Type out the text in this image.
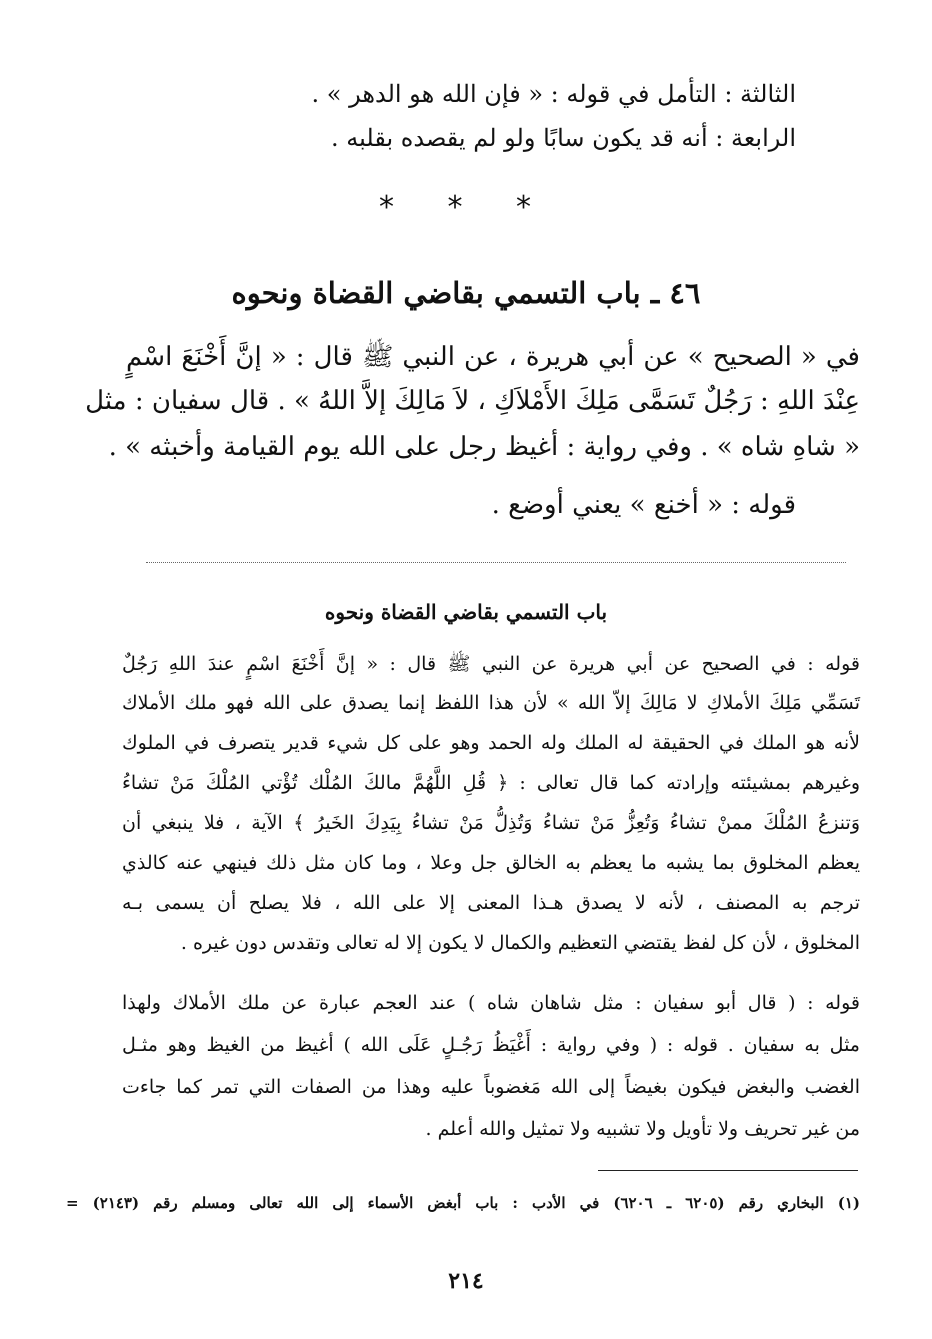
الثالثة : التأمل في قوله : « فإن الله هو الدهر » .
الرابعة : أنه قد يكون سابًا ولو لم يقصده بقلبه .
* * *
٤٦ ـ باب التسمي بقاضي القضاة ونحوه
في « الصحيح » عن أبي هريرة ، عن النبي ﷺ قال : « إنَّ أَخْنَعَ اسْمٍ
عِنْدَ اللهِ : رَجُلٌ تَسَمَّى مَلِكَ الأَمْلاَكِ ، لاَ مَالِكَ إلاَّ اللهُ » . قال سفيان : مثل
« شاهِ شاه » . وفي رواية : أغيظ رجل على الله يوم القيامة وأخبثه » .
قوله : « أخنع » يعني أوضع .
باب التسمي بقاضي القضاة ونحوه
قوله : في الصحيح عن أبي هريرة عن النبي ﷺ قال : « إنَّ أَخْنَعَ اسْمٍ عندَ اللهِ رَجُلٌ
تَسَمِّي مَلِكَ الأملاكِ لا مَالِكَ إلاّ الله » لأن هذا اللفظ إنما يصدق على الله فهو ملك الأملاك
لأنه هو الملك في الحقيقة له الملك وله الحمد وهو على كل شيء قدير يتصرف في الملوك
وغيرهم بمشيئته وإرادته كما قال تعالى : ﴿ قُلِ اللَّهُمَّ مالكَ المُلْك تُؤْتي المُلْكَ مَنْ تشاءُ
وَتنزعُ المُلْكَ ممنْ تشاءُ وَتُعِزُّ مَنْ تشاءُ وَتُذِلُّ مَنْ تشاءُ بِيَدِكَ الخَيرُ ﴾ الآية ، فلا ينبغي أن
يعظم المخلوق بما يشبه ما يعظم به الخالق جل وعلا ، وما كان مثل ذلك فينهي عنه كالذي
ترجم به المصنف ، لأنه لا يصدق هـذا المعنى إلا على الله ، فلا يصلح أن يسمى بـه
المخلوق ، لأن كل لفظ يقتضي التعظيم والكمال لا يكون إلا له تعالى وتقدس دون غيره .
قوله : ( قال أبو سفيان : مثل شاهان شاه ) عند العجم عبارة عن ملك الأملاك ولهذا
مثل به سفيان . قوله : ( وفي رواية : أَغْيَظُ رَجُـلٍ عَلَى الله ) أغيظ من الغيظ وهو مثـل
الغضب والبغض فيكون بغيضاً إلى الله مَغضوباً عليه وهذا من الصفات التي تمر كما جاءت
من غير تحريف ولا تأويل ولا تشبيه ولا تمثيل والله أعلم .
(١) البخاري رقم (٦٢٠٥ ـ ٦٢٠٦) في الأدب : باب أبغض الأسماء إلى الله تعالى ومسلم رقم (٢١٤٣) =
٢١٤
